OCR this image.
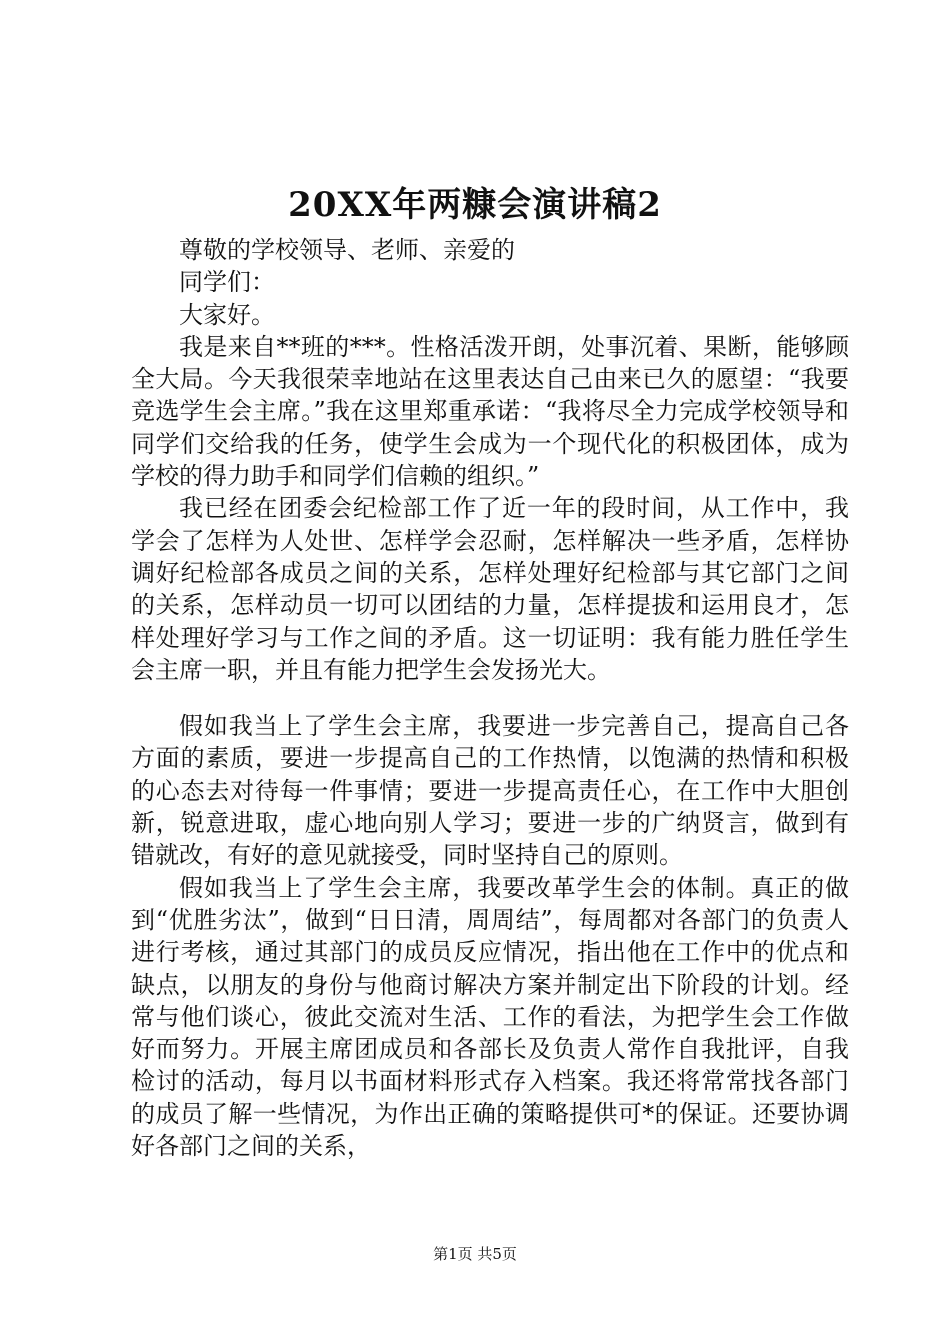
20XX年两糠会演讲稿2

尊敬的学校领导、老师、亲爱的

同学们：

大家好。

我是来自**班的***。性格活泼开朗，处事沉着、果断，能够顾全大局。今天我很荣幸地站在这里表达自己由来已久的愿望：“我要竞选学生会主席。”我在这里郑重承诺：“我将尽全力完成学校领导和同学们交给我的任务，使学生会成为一个现代化的积极团体，成为学校的得力助手和同学们信赖的组织。”

我已经在团委会纪检部工作了近一年的段时间，从工作中，我学会了怎样为人处世、怎样学会忍耐，怎样解决一些矛盾，怎样协调好纪检部各成员之间的关系，怎样处理好纪检部与其它部门之间的关系，怎样动员一切可以团结的力量，怎样提拔和运用良才，怎样处理好学习与工作之间的矛盾。这一切证明：我有能力胜任学生会主席一职，并且有能力把学生会发扬光大。

假如我当上了学生会主席，我要进一步完善自己，提高自己各方面的素质，要进一步提高自己的工作热情，以饱满的热情和积极的心态去对待每一件事情；要进一步提高责任心，在工作中大胆创新，锐意进取，虚心地向别人学习；要进一步的广纳贤言，做到有错就改，有好的意见就接受，同时坚持自己的原则。

假如我当上了学生会主席，我要改革学生会的体制。真正的做到“优胜劣汰”，做到“日日清，周周结”，每周都对各部门的负责人进行考核，通过其部门的成员反应情况，指出他在工作中的优点和缺点，以朋友的身份与他商讨解决方案并制定出下阶段的计划。经常与他们谈心，彼此交流对生活、工作的看法，为把学生会工作做好而努力。开展主席团成员和各部长及负责人常作自我批评，自我检讨的活动，每月以书面材料形式存入档案。我还将常常找各部门的成员了解一些情况，为作出正确的策略提供可*的保证。还要协调好各部门之间的关系，

第1页 共5页
